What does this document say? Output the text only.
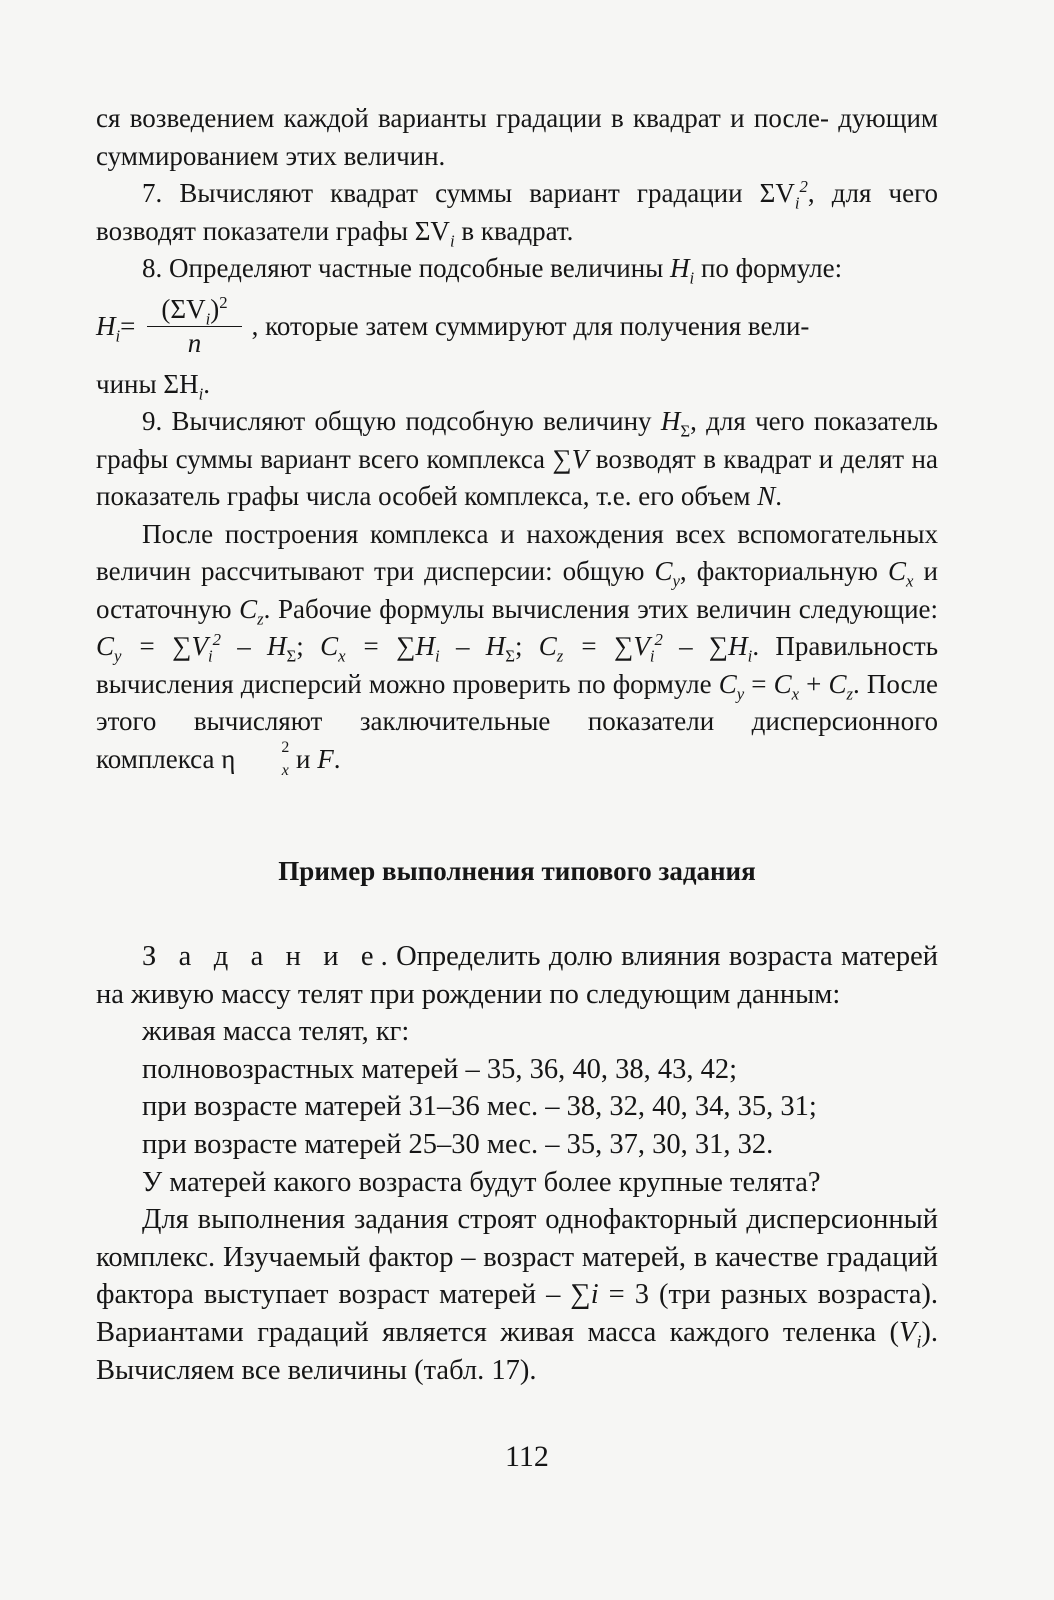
ся возведением каждой варианты градации в квадрат и после- дующим суммированием этих величин.

7. Вычисляют квадрат суммы вариант градации $\Sigma V_i^2$, для чего возводят показатели графы $\Sigma V_i$ в квадрат.

8. Определяют частные подсобные величины $H_i$ по формуле:

H $_i = \frac{(\Sigma V_i)^2}{n}$ , которые затем суммируют для получения вели-

чины $\Sigma H_i$.

9. Вычисляют общую подсобную величину $H_\Sigma$, для чего показатель графы суммы вариант всего комплекса ∑V возводят в квадрат и делят на показатель графы числа особей комплекса, т.е. его объем N.

После построения комплекса и нахождения всех вспомогательных величин рассчитывают три дисперсии: общую $C_y$, факториальную $C_x$ и остаточную $C_z$. Рабочие формулы вычисления этих величин следующие: $C_y = \sum V_i^2 - H_\Sigma$; $C_x = \sum H_i - H_\Sigma$; $C_z = \sum V_i^2 - \sum H_i$. Правильность вычисления дисперсий можно проверить по формуле $C_y = C_x + C_z$. После этого вычисляют заключительные показатели дисперсионного комплекса η	2
$_x$ и F.

Пример выполнения типового задания

З а д а н и е. Определить долю влияния возраста матерей на живую массу телят при рождении по следующим данным:

живая масса телят, кг:

полновозрастных матерей – 35, 36, 40, 38, 43, 42;

при возрасте матерей 31–36 мес. – 38, 32, 40, 34, 35, 31;

при возрасте матерей 25–30 мес. – 35, 37, 30, 31, 32.

У матерей какого возраста будут более крупные телята?

Для выполнения задания строят однофакторный дисперсионный комплекс. Изучаемый фактор – возраст матерей, в качестве градаций фактора выступает возраст матерей – ∑i = 3 (три разных возраста). Вариантами градаций является живая масса каждого теленка $(V_i)$. Вычисляем все величины (табл. 17).

112
